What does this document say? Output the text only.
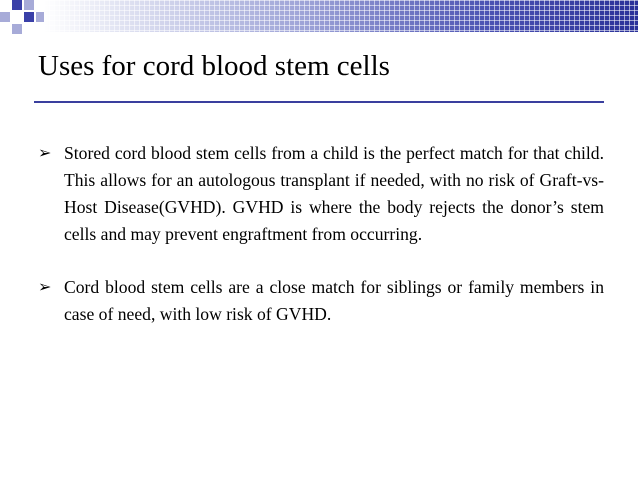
Uses for cord blood stem cells
➢ Stored cord blood stem cells from a child is the perfect match for that child. This allows for an autologous transplant if needed, with no risk of Graft-vs- Host Disease(GVHD). GVHD is where the body rejects the donor’s stem cells and may prevent engraftment from occurring.
➢ Cord blood stem cells are a close match for siblings or family members in case of need, with low risk of GVHD.
